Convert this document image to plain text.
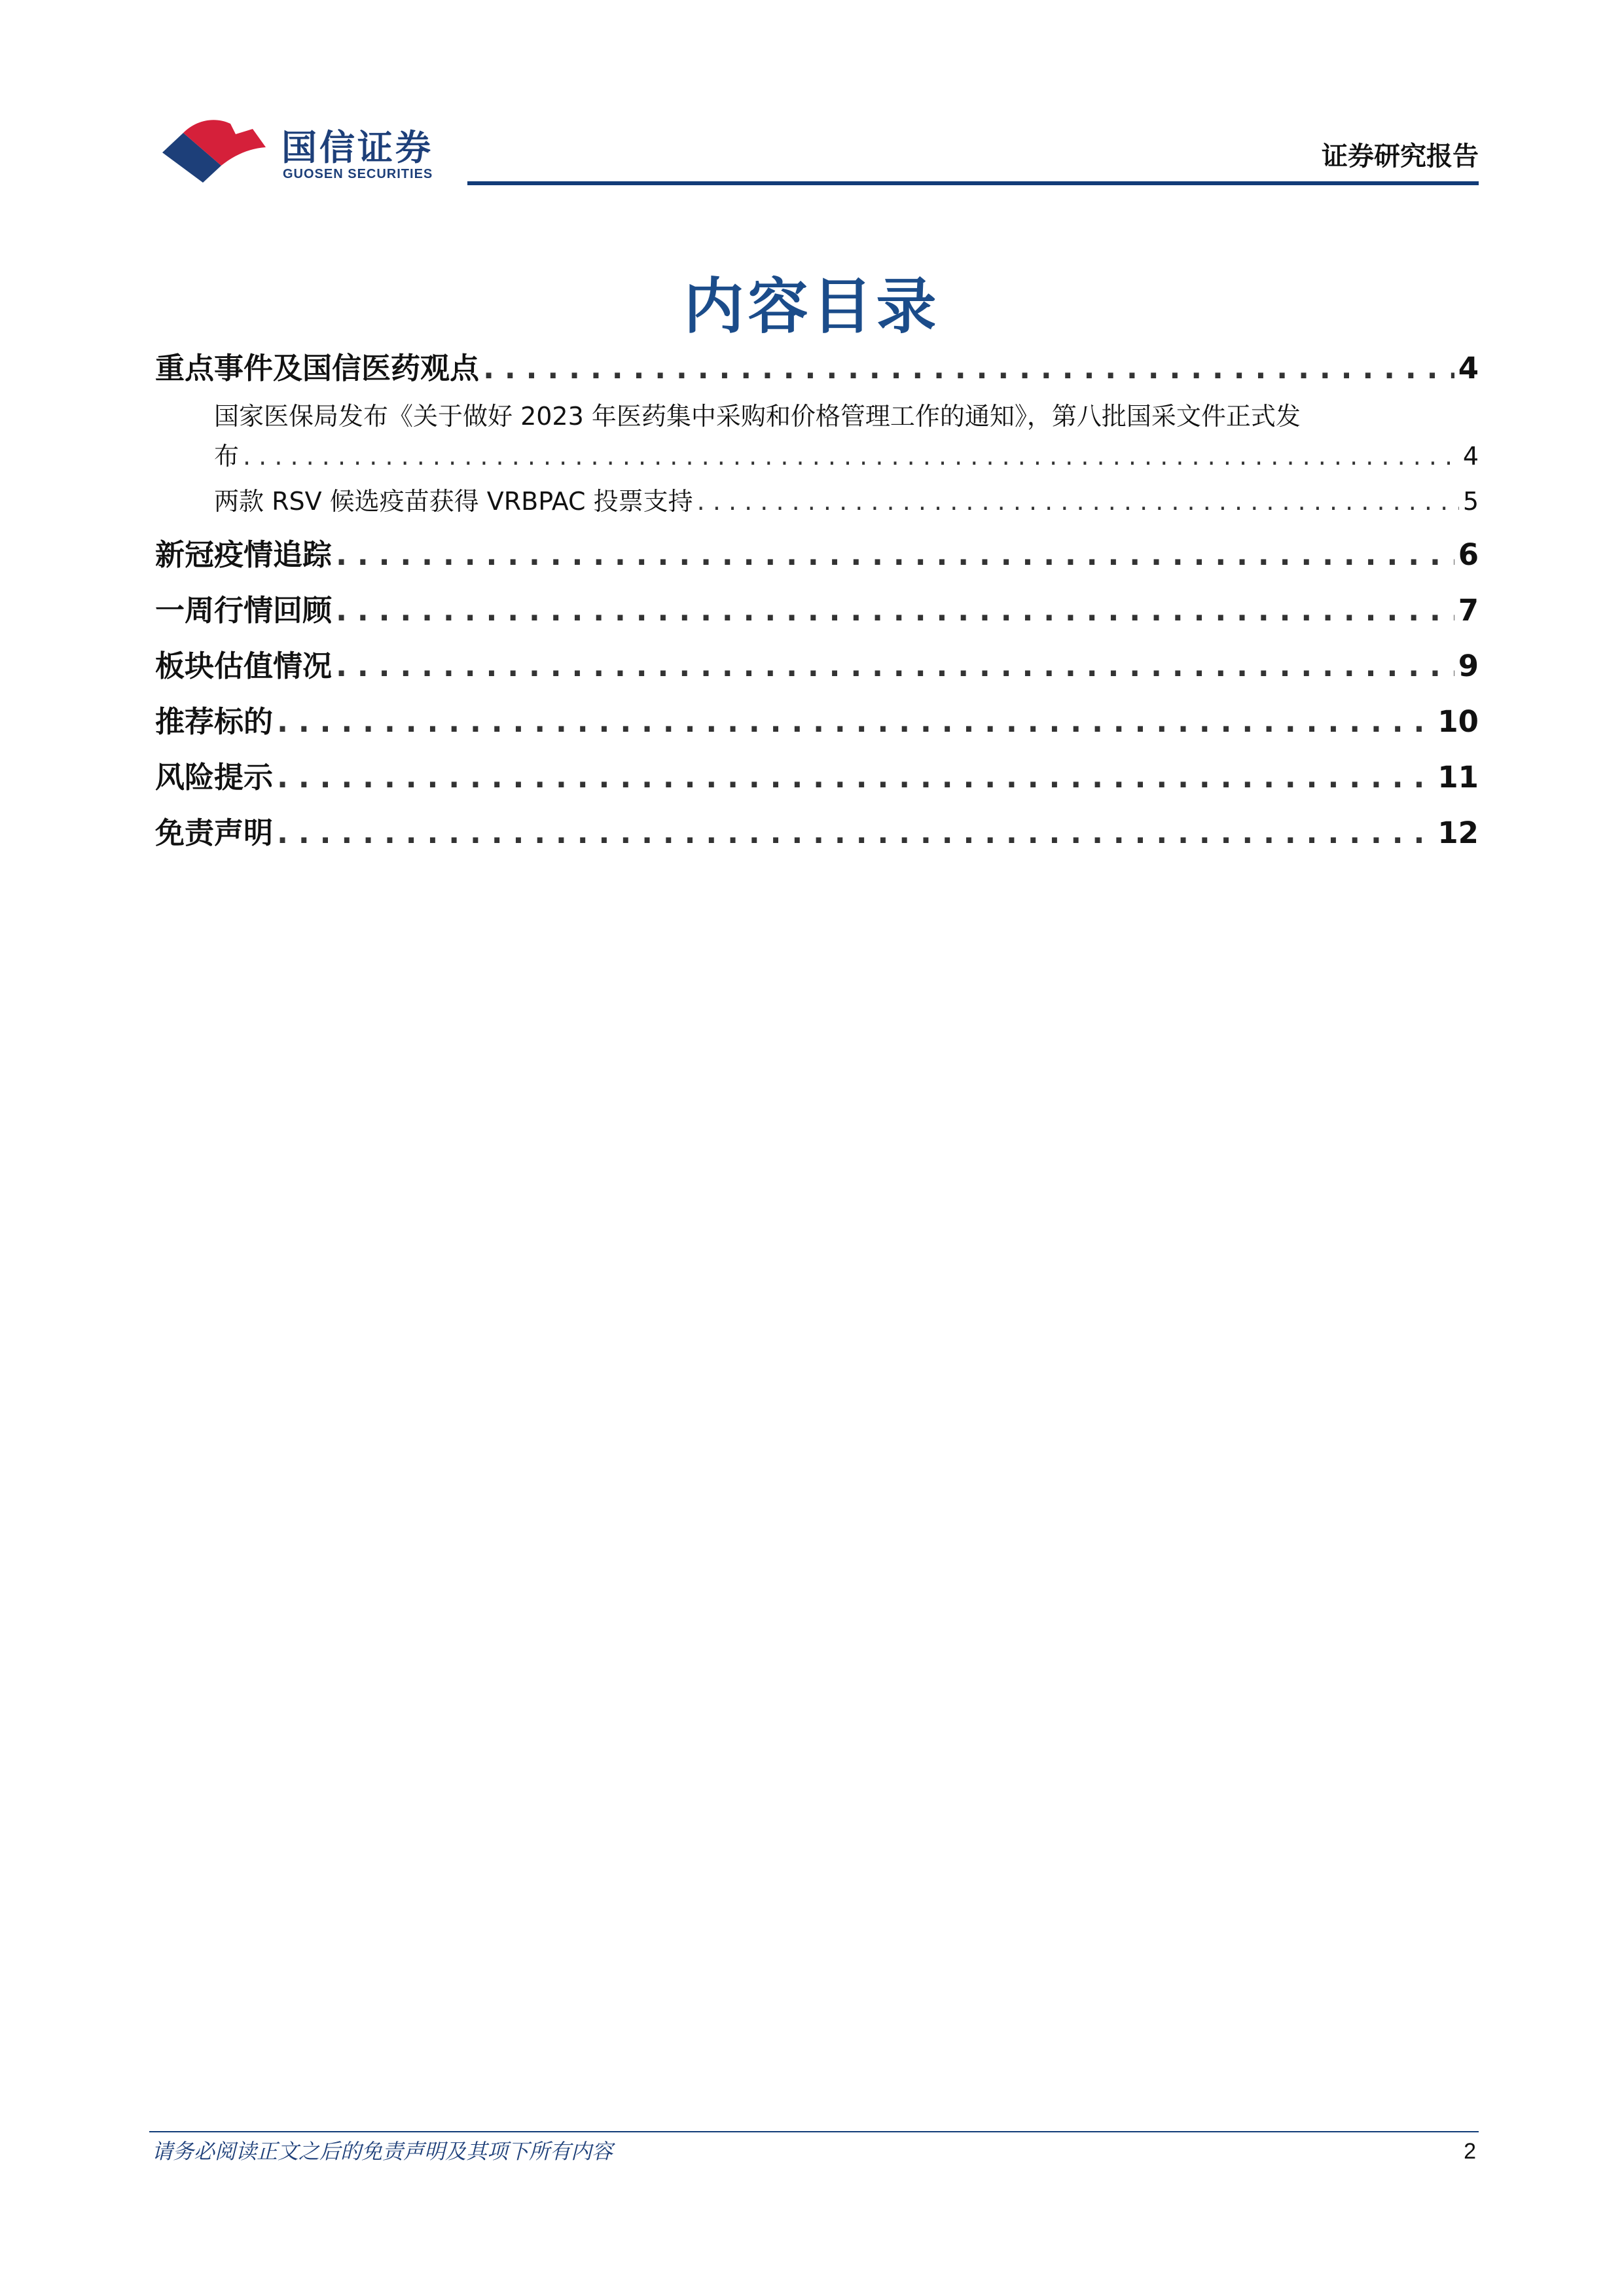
国信证券
GUOSEN SECURITIES
证券研究报告
内容目录
重点事件及国信医药观点 . . .	4
国家医保局发布《关于做好 2023 年医药集中采购和价格管理工作的通知》，第八批国采文件正式发
布 . . .	4
两款 RSV 候选疫苗获得 VRBPAC 投票支持 . . .	5
新冠疫情追踪 . . .	6
一周行情回顾 . . .	7
板块估值情况 . . .	9
推荐标的 . . .	10
风险提示 . . .	11
免责声明 . . .	12
请务必阅读正文之后的免责声明及其项下所有内容	2
